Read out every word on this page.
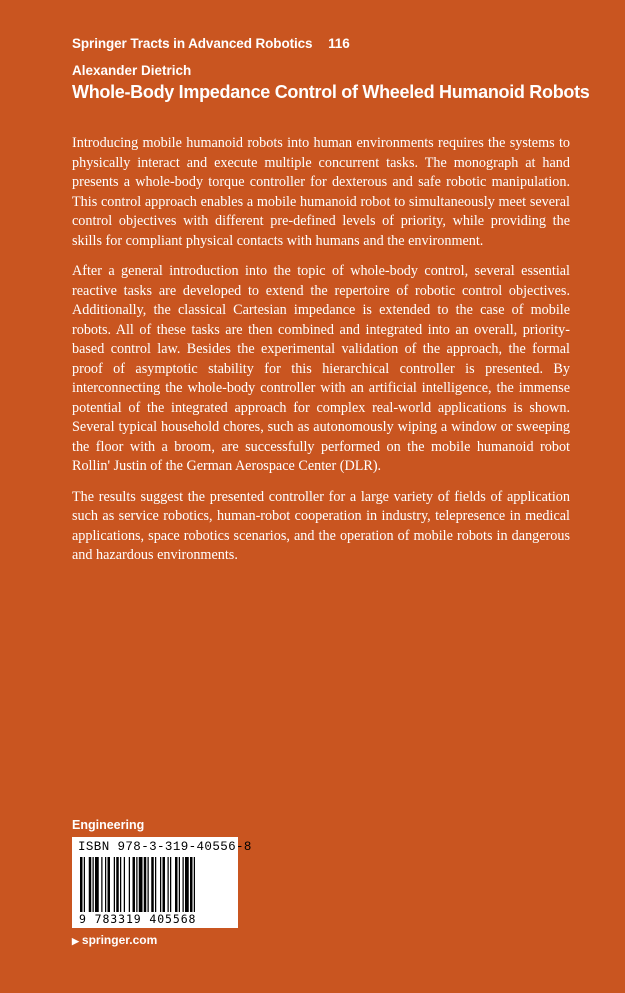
Springer Tracts in Advanced Robotics 116
Alexander Dietrich
Whole-Body Impedance Control of Wheeled Humanoid Robots

Introducing mobile humanoid robots into human environments requires the systems to physically interact and execute multiple concurrent tasks. The monograph at hand presents a whole-body torque controller for dexterous and safe robotic manipulation. This control approach enables a mobile humanoid robot to simultaneously meet several control objectives with different pre-defined levels of priority, while providing the skills for compliant physical contacts with humans and the environment.

After a general introduction into the topic of whole-body control, several essential reactive tasks are developed to extend the repertoire of robotic control objectives. Additionally, the classical Cartesian impedance is extended to the case of mobile robots. All of these tasks are then combined and integrated into an overall, priority-based control law. Besides the experimental validation of the approach, the formal proof of asymptotic stability for this hierarchical controller is presented. By interconnecting the whole-body controller with an artificial intelligence, the immense potential of the integrated approach for complex real-world applications is shown. Several typical household chores, such as autonomously wiping a window or sweeping the floor with a broom, are successfully performed on the mobile humanoid robot Rollin' Justin of the German Aerospace Center (DLR).

The results suggest the presented controller for a large variety of fields of application such as service robotics, human-robot cooperation in industry, telepresence in medical applications, space robotics scenarios, and the operation of mobile robots in dangerous and hazardous environments.

Engineering
ISBN 978-3-319-40556-8
9 783319 405568
▶ springer.com
